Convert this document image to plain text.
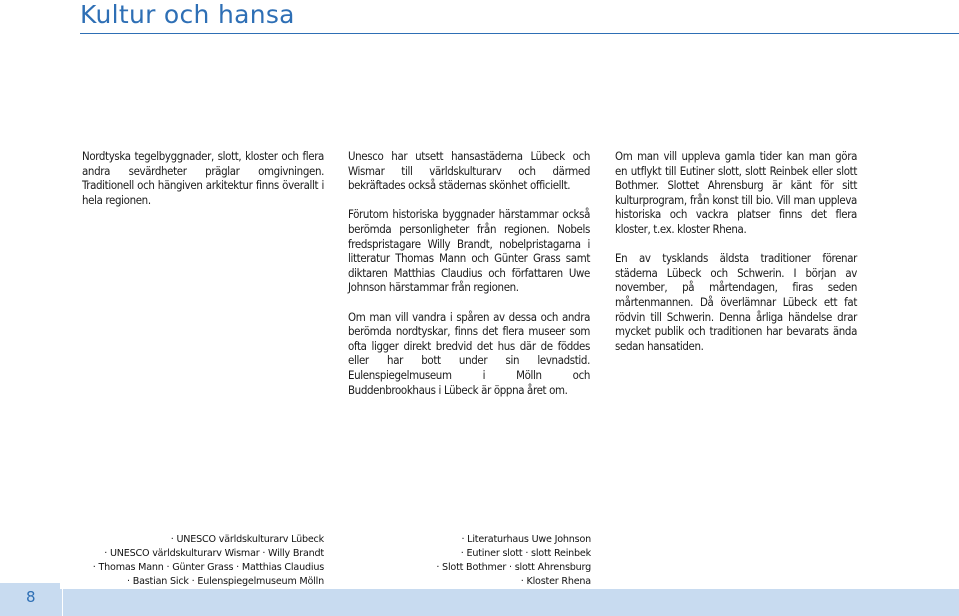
Kultur och hansa

Nordtyska tegelbyggnader, slott, kloster och flera andra sevärdheter präglar omgivningen. Traditionell och hängiven arkitektur finns överallt i hela regionen.

Unesco har utsett hansastäderna Lübeck och Wismar till världskulturarv och därmed bekräftades också städernas skönhet officiellt.

Förutom historiska byggnader härstammar också berömda personligheter från regionen. Nobels fredspristagare Willy Brandt, nobelpristagarna i litteratur Thomas Mann och Günter Grass samt diktaren Matthias Claudius och författaren Uwe Johnson härstammar från regionen.

Om man vill vandra i spåren av dessa och andra berömda nordtyskar, finns det flera museer som ofta ligger direkt bredvid det hus där de föddes eller har bott under sin levnadstid. Eulenspiegelmuseum i Mölln och Buddenbrookhaus i Lübeck är öppna året om.

Om man vill uppleva gamla tider kan man göra en utflykt till Eutiner slott, slott Reinbek eller slott Bothmer. Slottet Ahrensburg är känt för sitt kulturprogram, från konst till bio. Vill man uppleva historiska och vackra platser finns det flera kloster, t.ex. kloster Rhena.

En av tysklands äldsta traditioner förenar städerna Lübeck och Schwerin. I början av november, på mårtendagen, firas seden mårtenmannen. Då överlämnar Lübeck ett fat rödvin till Schwerin. Denna årliga händelse drar mycket publik och traditionen har bevarats ända sedan hansatiden.

· UNESCO världskulturarv Lübeck
· UNESCO världskulturarv Wismar · Willy Brandt
· Thomas Mann · Günter Grass · Matthias Claudius
· Bastian Sick · Eulenspiegelmuseum Mölln
· Literaturhaus Uwe Johnson
· Eutiner slott · slott Reinbek
· Slott Bothmer · slott Ahrensburg
· Kloster Rhena
8
